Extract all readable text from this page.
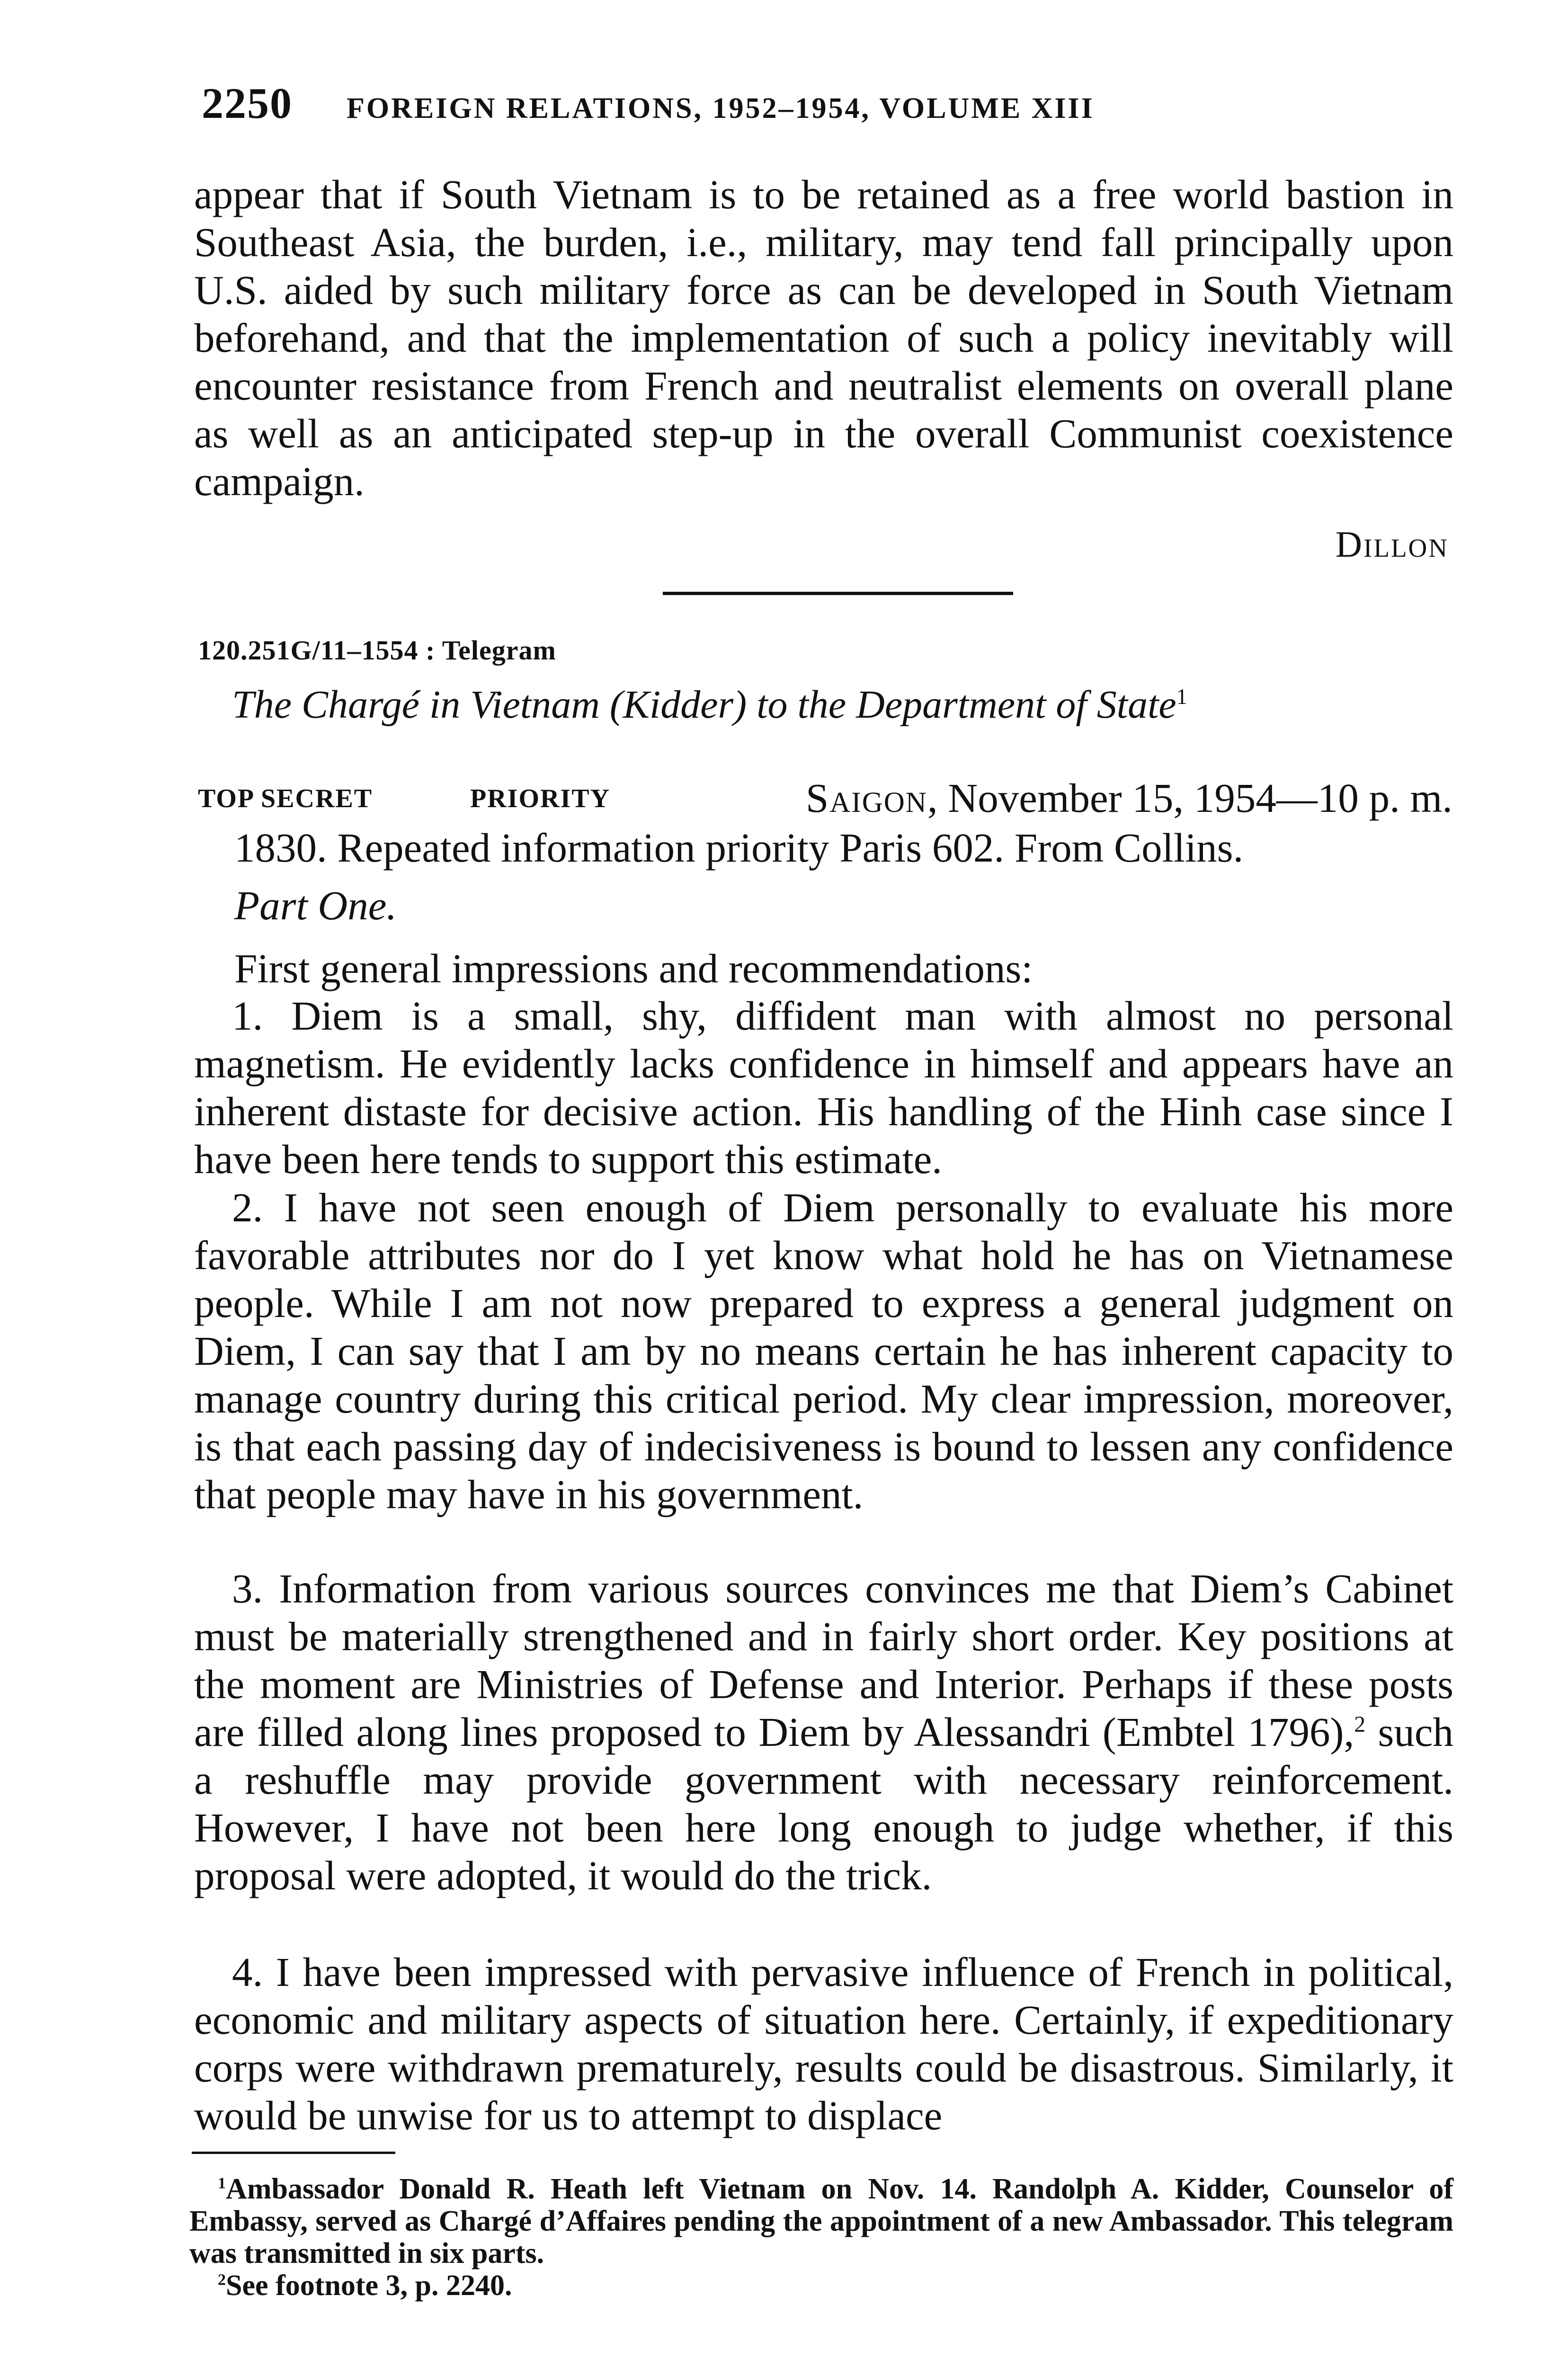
2250 FOREIGN RELATIONS, 1952–1954, VOLUME XIII

appear that if South Vietnam is to be retained as a free world bastion in Southeast Asia, the burden, i.e., military, may tend fall principally upon U.S. aided by such military force as can be developed in South Vietnam beforehand, and that the implementation of such a policy inevitably will encounter resistance from French and neutralist elements on overall plane as well as an anticipated step-up in the overall Communist coexistence campaign.

Dillon
120.251G/11–1554 : Telegram
The Chargé in Vietnam (Kidder) to the Department of State$^1$
TOP SECRET	PRIORITY	Saigon, November 15, 1954—10 p. m.
1830. Repeated information priority Paris 602. From Collins.
Part One.
First general impressions and recommendations:

1. Diem is a small, shy, diffident man with almost no personal magnetism. He evidently lacks confidence in himself and appears have an inherent distaste for decisive action. His handling of the Hinh case since I have been here tends to support this estimate.

2. I have not seen enough of Diem personally to evaluate his more favorable attributes nor do I yet know what hold he has on Vietnamese people. While I am not now prepared to express a general judgment on Diem, I can say that I am by no means certain he has inherent capacity to manage country during this critical period. My clear impression, moreover, is that each passing day of indecisiveness is bound to lessen any confidence that people may have in his government.

3. Information from various sources convinces me that Diem’s Cabinet must be materially strengthened and in fairly short order. Key positions at the moment are Ministries of Defense and Interior. Perhaps if these posts are filled along lines proposed to Diem by Alessandri (Embtel 1796),$^2$ such a reshuffle may provide government with necessary reinforcement. However, I have not been here long enough to judge whether, if this proposal were adopted, it would do the trick.

4. I have been impressed with pervasive influence of French in political, economic and military aspects of situation here. Certainly, if expeditionary corps were withdrawn prematurely, results could be disastrous. Similarly, it would be unwise for us to attempt to displace

$^1$Ambassador Donald R. Heath left Vietnam on Nov. 14. Randolph A. Kidder, Counselor of Embassy, served as Chargé d’Affaires pending the appointment of a new Ambassador. This telegram was transmitted in six parts.

$^2$See footnote 3, p. 2240.
